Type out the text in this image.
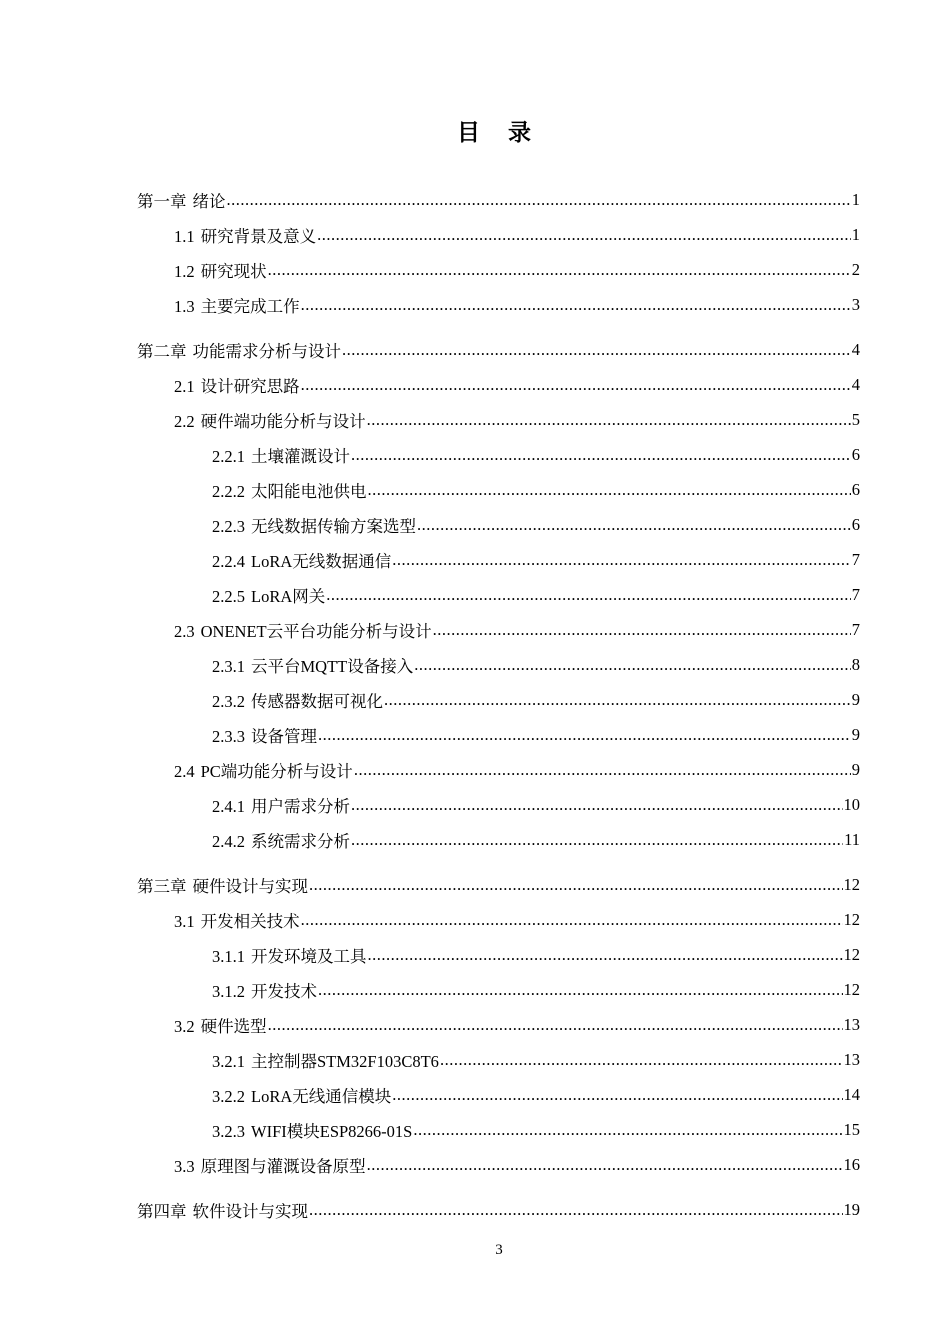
目 录
第一章 绪论 .....	1
1.1 研究背景及意义 .....	1
1.2 研究现状 .....	2
1.3 主要完成工作 .....	3
第二章 功能需求分析与设计 .....	4
2.1 设计研究思路 .....	4
2.2 硬件端功能分析与设计 .....	5
2.2.1 土壤灌溉设计 .....	6
2.2.2 太阳能电池供电 .....	6
2.2.3 无线数据传输方案选型 .....	6
2.2.4 LoRA无线数据通信 .....	7
2.2.5 LoRA网关 .....	7
2.3 ONENET云平台功能分析与设计 .....	7
2.3.1 云平台MQTT设备接入 .....	8
2.3.2 传感器数据可视化 .....	9
2.3.3 设备管理 .....	9
2.4 PC端功能分析与设计 .....	9
2.4.1 用户需求分析 .....	10
2.4.2 系统需求分析 .....	11
第三章 硬件设计与实现 .....	12
3.1 开发相关技术 .....	12
3.1.1 开发环境及工具 .....	12
3.1.2 开发技术 .....	12
3.2 硬件选型 .....	13
3.2.1 主控制器STM32F103C8T6 .....	13
3.2.2 LoRA无线通信模块 .....	14
3.2.3 WIFI模块ESP8266-01S .....	15
3.3 原理图与灌溉设备原型 .....	16
第四章 软件设计与实现 .....	19
3
